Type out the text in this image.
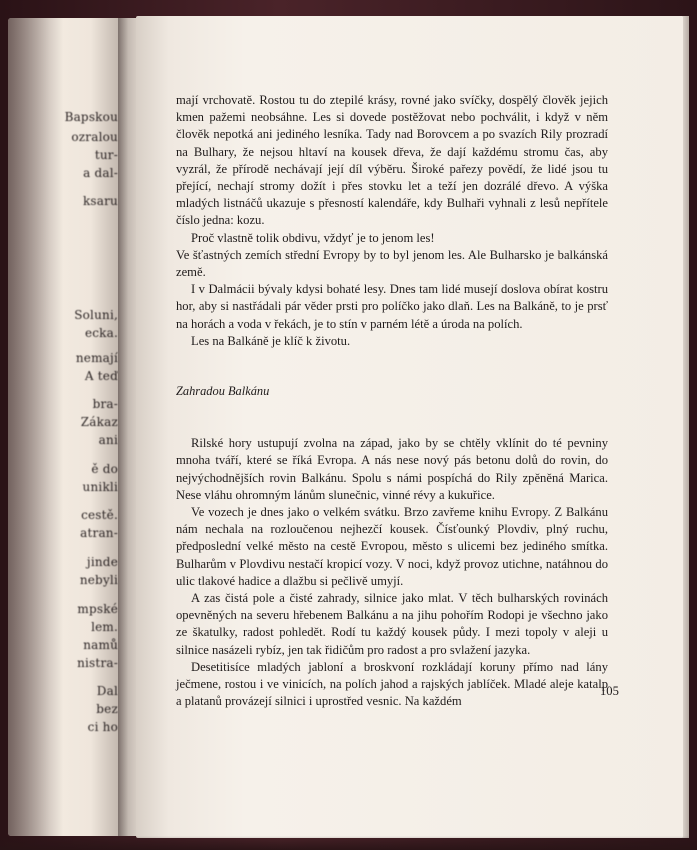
Bapskou
ozralou
tur-
a dal-
ksaru
Soluni,
ecka.
nemají
A teď
bra-
Zákaz
ani
ě do
unikli
cestě.
atran-
jinde
nebyli
mpské
lem.
namů
nistra-
Dal
bez
ci ho

mají vrchovatě. Rostou tu do ztepilé krásy, rovné jako svíčky, dospělý člověk jejich kmen pažemi neobsáhne. Les si dovede postěžovat nebo pochválit, i když v něm člověk nepotká ani jediného lesníka. Tady nad Borovcem a po svazích Rily prozradí na Bulhary, že nejsou hltaví na kousek dřeva, že dají každému stromu čas, aby vyzrál, že přírodě nechávají její díl výběru. Široké pařezy povědí, že lidé jsou tu přející, nechají stromy dožít i přes stovku let a teží jen dozrálé dřevo. A výška mladých listnáčů ukazuje s přesností kalendáře, kdy Bulhaři vyhnali z lesů nepřítele číslo jedna: kozu.

Proč vlastně tolik obdivu, vždyť je to jenom les!

Ve šťastných zemích střední Evropy by to byl jenom les. Ale Bulharsko je balkánská země.

I v Dalmácii bývaly kdysi bohaté lesy. Dnes tam lidé musejí doslova obírat kostru hor, aby si nastřádali pár věder prsti pro políčko jako dlaň. Les na Balkáně, to je prsť na horách a voda v řekách, je to stín v parném létě a úroda na polích.

Les na Balkáně je klíč k životu.

Zahradou Balkánu

Rilské hory ustupují zvolna na západ, jako by se chtěly vklínit do té pevniny mnoha tváří, které se říká Evropa. A nás nese nový pás betonu dolů do rovin, do nejvýchodnějších rovin Balkánu. Spolu s námi pospíchá do Rily zpěněná Marica. Nese vláhu ohromným lánům slunečnic, vinné révy a kukuřice.

Ve vozech je dnes jako o velkém svátku. Brzo zavřeme knihu Evropy. Z Balkánu nám nechala na rozloučenou nejhezčí kousek. Čísťounký Plovdiv, plný ruchu, předposlední velké město na cestě Evropou, město s ulicemi bez jediného smítka. Bulharům v Plovdivu nestačí kropicí vozy. V noci, když provoz utichne, natáhnou do ulic tlakové hadice a dlažbu si pečlivě umyjí.

A zas čistá pole a čisté zahrady, silnice jako mlat. V těch bulharských rovinách opevněných na severu hřebenem Balkánu a na jihu pohořím Rodopi je všechno jako ze škatulky, radost pohledět. Rodí tu každý kousek půdy. I mezi topoly v aleji u silnice nasázeli rybíz, jen tak řidičům pro radost a pro svlažení jazyka.

Desetitisíce mladých jabloní a broskvoní rozkládají koruny přímo nad lány ječmene, rostou i ve vinicích, na polích jahod a rajských jablíček. Mladé aleje katalp a platanů provázejí silnici i uprostřed vesnic. Na každém

105
